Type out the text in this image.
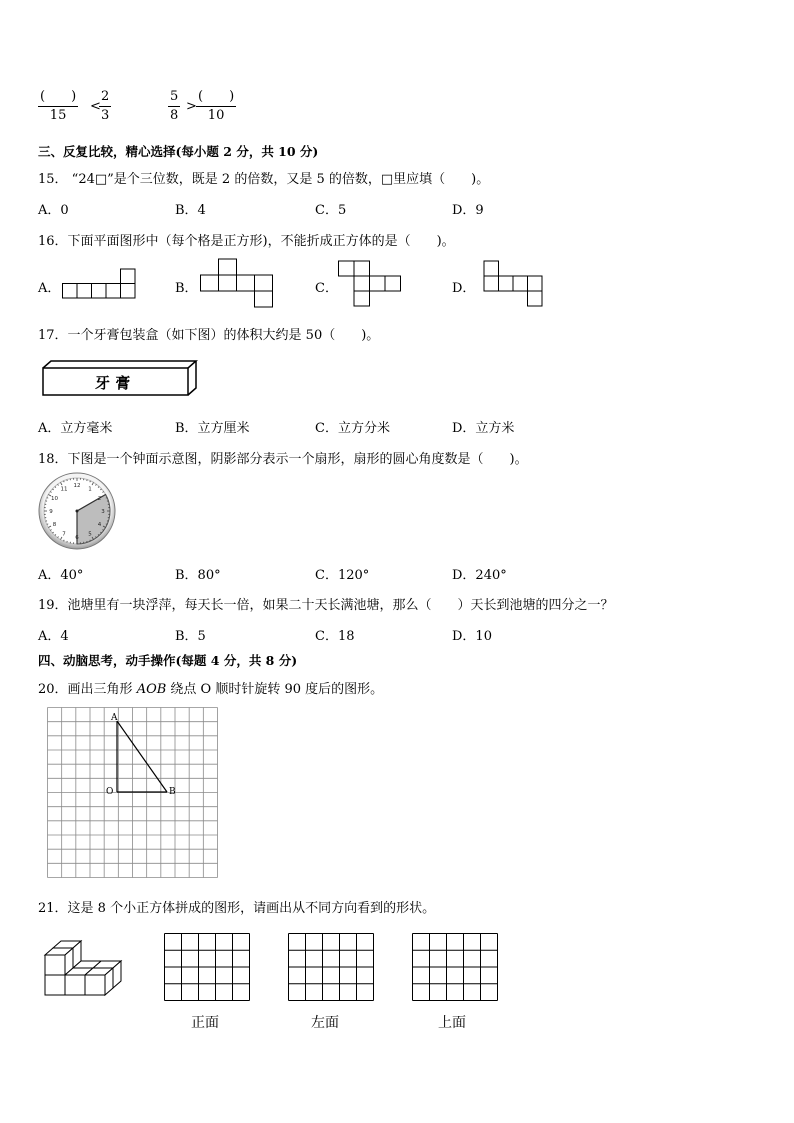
(　　)
15
<
2
3
5
8
>
(　　)
10
三、反复比较，精心选择(每小题 2 分，共 10 分)
15． “24□”是个三位数，既是 2 的倍数，又是 5 的倍数，□里应填（　　)。
A．0	B．4	C．5	D．9
16．下面平面图形中（每个格是正方形)，不能折成正方体的是（　　)。
A．	B．	C．	D．
17．一个牙膏包装盒（如下图）的体积大约是 50（　　)。
牙 膏
A．立方毫米	B．立方厘米	C．立方分米	D．立方米
18．下图是一个钟面示意图，阴影部分表示一个扇形，扇形的圆心角度数是（　　)。
12
1
2
3
4
5
6
7
8
9
10
11
A．40°	B．80°	C．120°	D．240°
19．池塘里有一块浮萍，每天长一倍，如果二十天长满池塘，那么（　　）天长到池塘的四分之一？
A．4	B．5	C．18	D．10
四、动脑思考，动手操作(每题 4 分，共 8 分)
20．画出三角形 AOB 绕点 O 顺时针旋转 90 度后的图形。
A
O	B
21．这是 8 个小正方体拼成的图形，请画出从不同方向看到的形状。
正面	左面	上面
